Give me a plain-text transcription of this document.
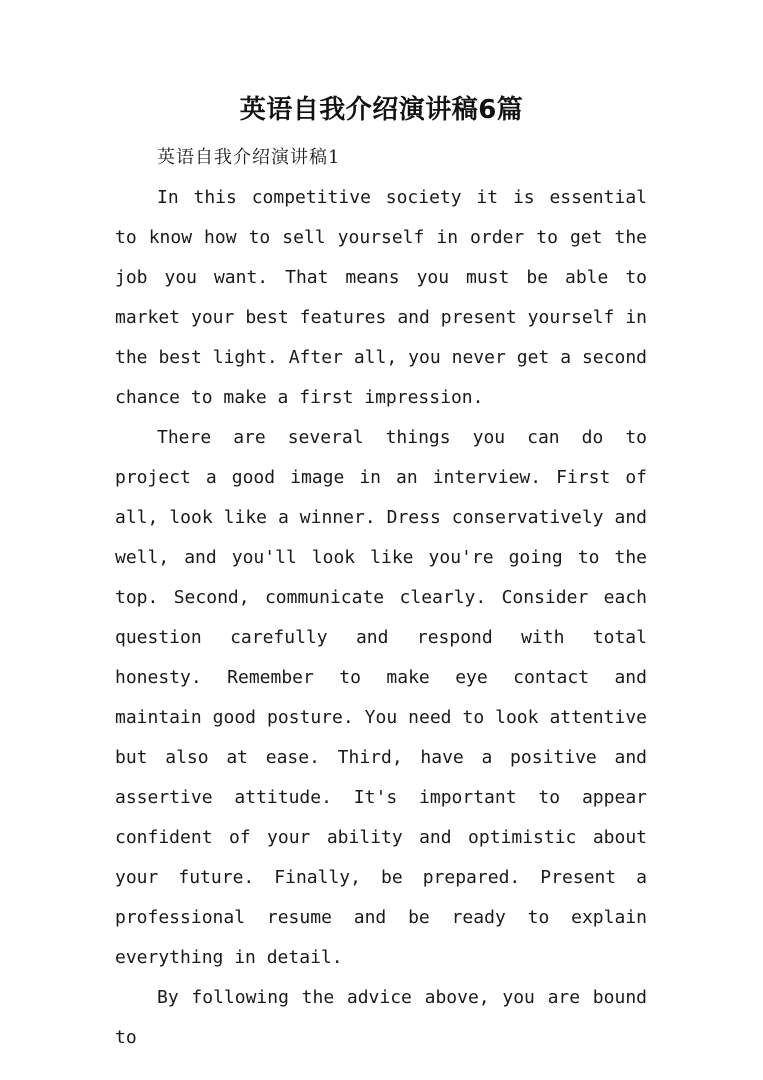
英语自我介绍演讲稿6篇

英语自我介绍演讲稿1

In this competitive society it is essential to know how to sell yourself in order to get the job you want. That means you must be able to market your best features and present yourself in the best light. After all, you never get a second chance to make a first impression.

There are several things you can do to project a good image in an interview. First of all, look like a winner. Dress conservatively and well, and you'll look like you're going to the top. Second, communicate clearly. Consider each question carefully and respond with total honesty. Remember to make eye contact and maintain good posture. You need to look attentive but also at ease. Third, have a positive and assertive attitude. It's important to appear confident of your ability and optimistic about your future. Finally, be prepared. Present a professional resume and be ready to explain everything in detail.

By following the advice above, you are bound to
